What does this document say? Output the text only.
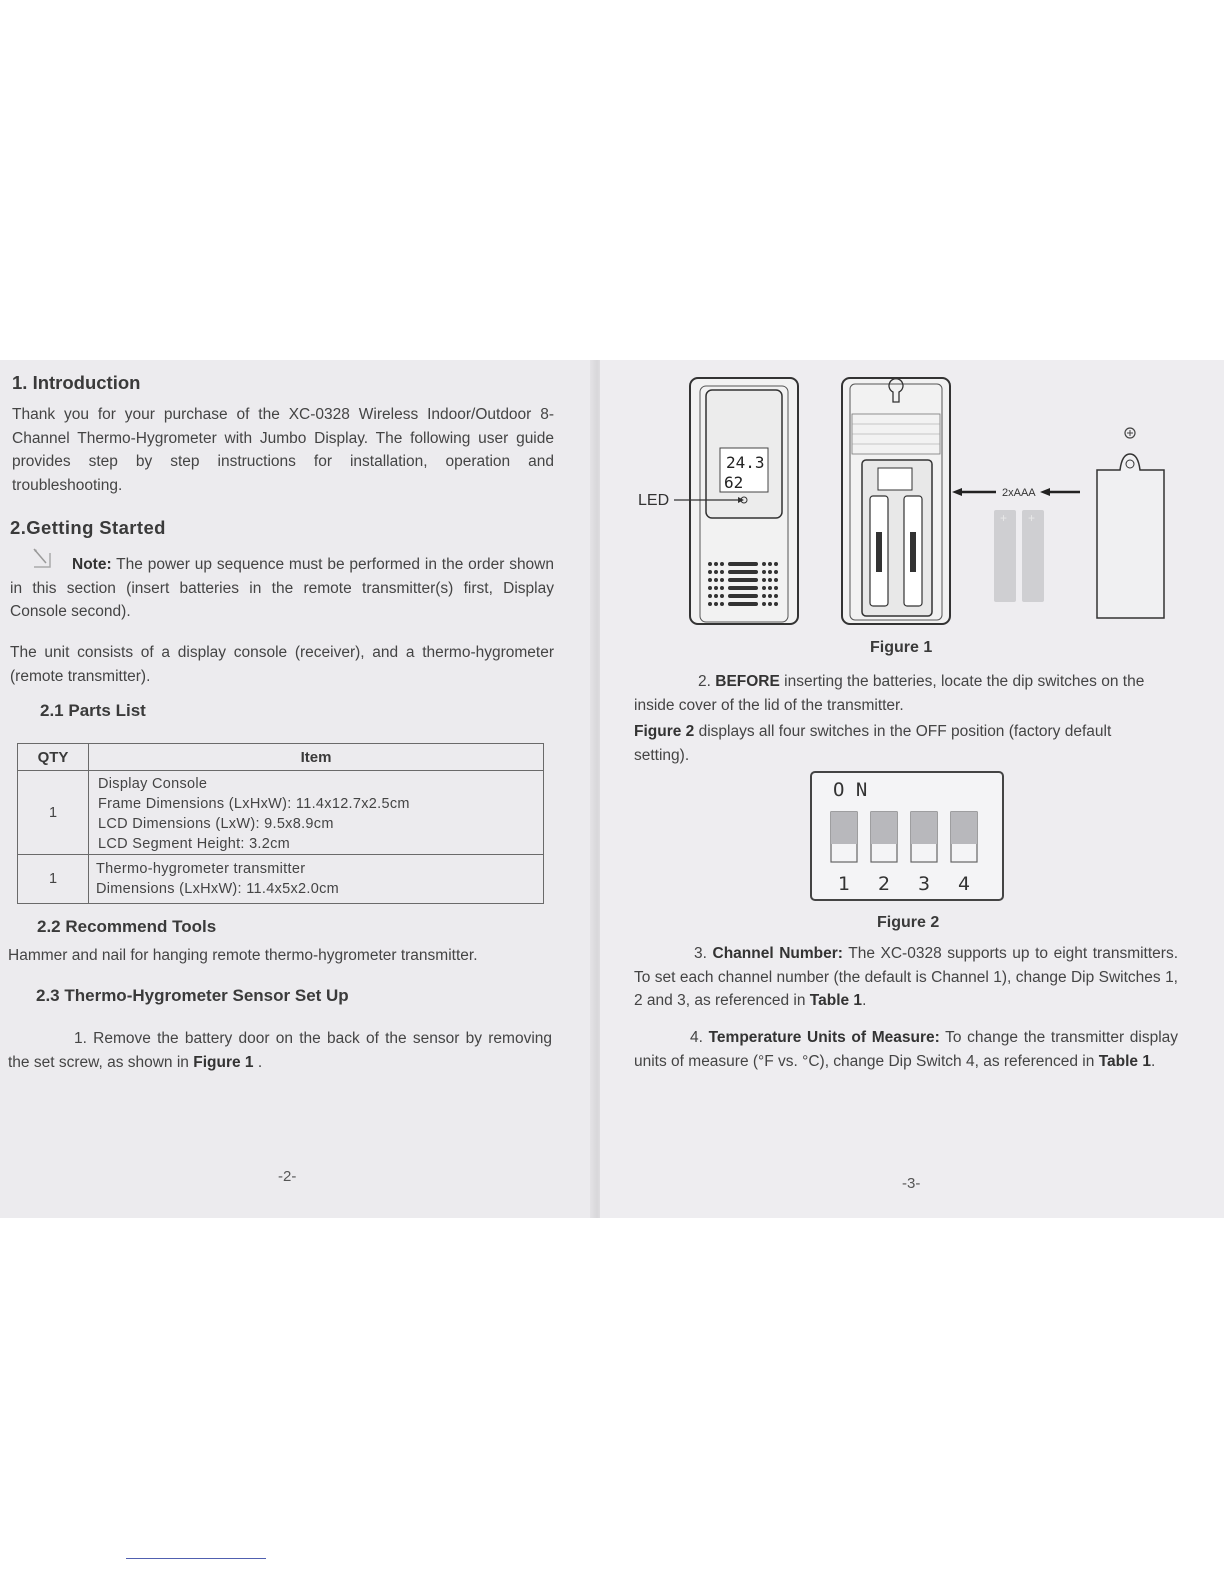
1. Introduction
Thank you for your purchase of the XC-0328 Wireless Indoor/Outdoor 8-Channel Thermo-Hygrometer with Jumbo Display. The following user guide provides step by step instructions for installation, operation and troubleshooting.
2.Getting Started
Note: The power up sequence must be performed in the order shown in this section (insert batteries in the remote transmitter(s) first, Display Console second).
The unit consists of a display console (receiver), and a thermo-hygrometer (remote transmitter).
2.1 Parts List
QTY	Item
1	Display Console
Frame Dimensions (LxHxW): 11.4x12.7x2.5cm
LCD Dimensions (LxW): 9.5x8.9cm
LCD Segment Height: 3.2cm

1	Thermo-hygrometer transmitter
Dimensions (LxHxW): 11.4x5x2.0cm
2.2 Recommend Tools
Hammer and nail for hanging remote thermo-hygrometer transmitter.
2.3 Thermo-Hygrometer Sensor Set Up
1. Remove the battery door on the back of the sensor by removing the set screw, as shown in Figure 1 .
-2-
24.3
62
LED	2xAAA
+ +
Figure 1
2. BEFORE inserting the batteries, locate the dip switches on the inside cover of the lid of the transmitter.
Figure 2 displays all four switches in the OFF position (factory default setting).
O N
1 2 3 4
Figure 2
3. Channel Number: The XC-0328 supports up to eight transmitters. To set each channel number (the default is Channel 1), change Dip Switches 1, 2 and 3, as referenced in Table 1.
4. Temperature Units of Measure: To change the transmitter display units of measure (°F vs. °C), change Dip Switch 4, as referenced in Table 1.
-3-
